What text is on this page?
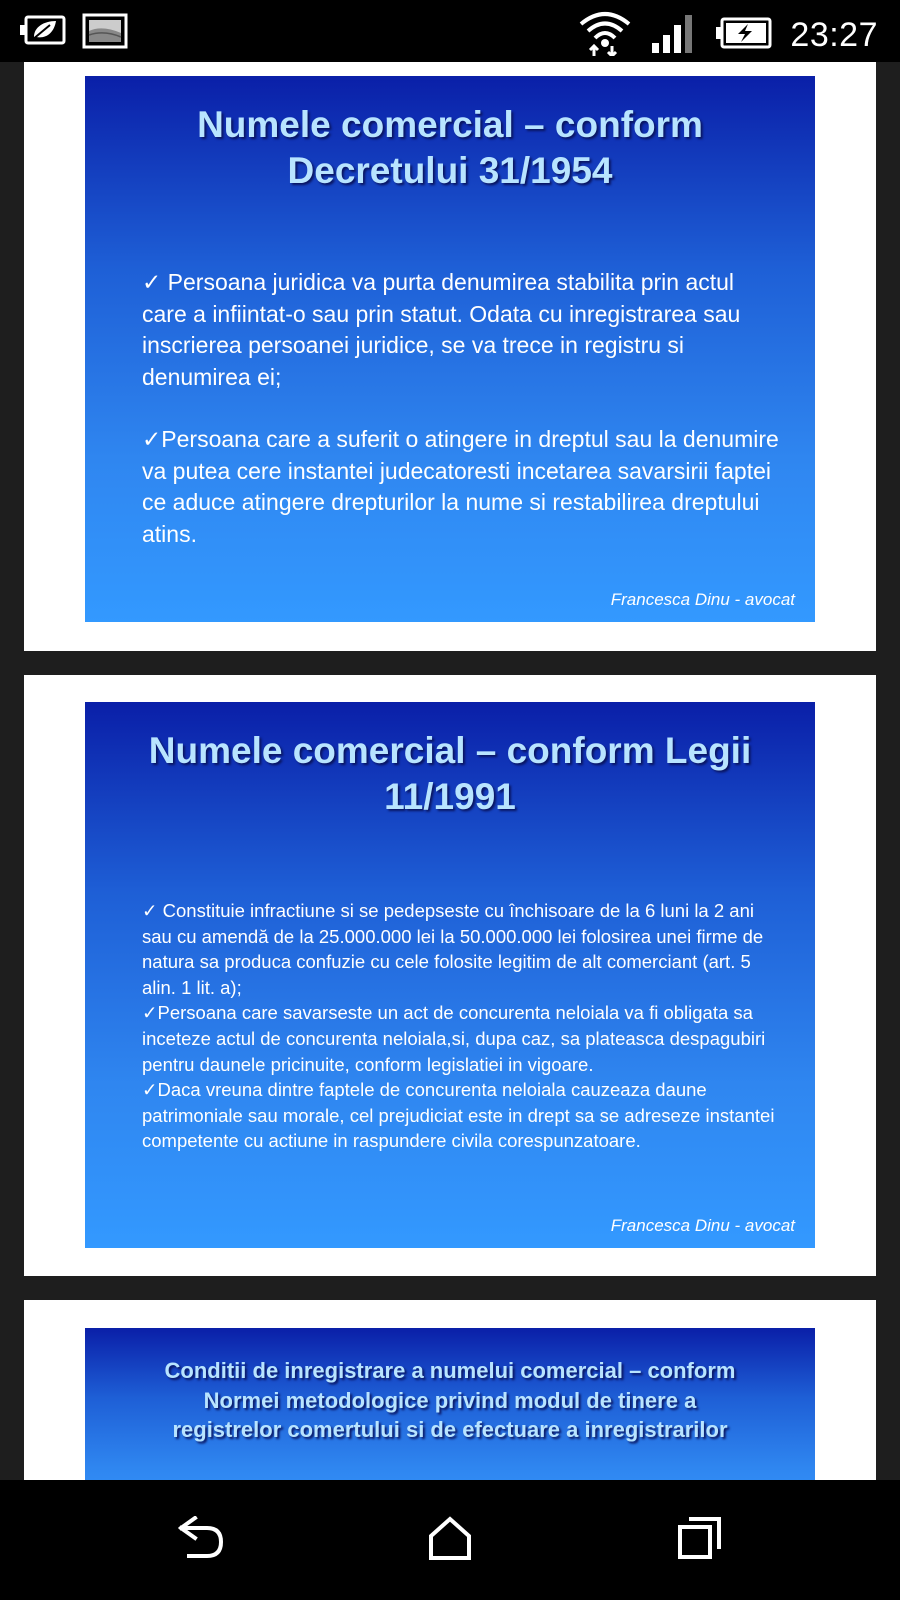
23:27
Numele comercial – conform
Decretului 31/1954

✓ Persoana juridica va purta denumirea stabilita prin actul care a infiintat-o sau prin statut. Odata cu inregistrarea sau inscrierea persoanei juridice, se va trece in registru si denumirea ei;

✓Persoana care a suferit o atingere in dreptul sau la denumire va putea cere instantei judecatoresti incetarea savarsirii faptei ce aduce atingere drepturilor la nume si restabilirea dreptului atins.

Francesca Dinu - avocat
Numele comercial – conform Legii
11/1991

✓ Constituie infractiune si se pedepseste cu închisoare de la 6 luni la 2 ani sau cu amendă de la 25.000.000 lei la 50.000.000 lei folosirea unei firme de natura sa produca confuzie cu cele folosite legitim de alt comerciant (art. 5 alin. 1 lit. a);

✓Persoana care savarseste un act de concurenta neloiala va fi obligata sa inceteze actul de concurenta neloiala,si, dupa caz, sa plateasca despagubiri pentru daunele pricinuite, conform legislatiei in vigoare.

✓Daca vreuna dintre faptele de concurenta neloiala cauzeaza daune patrimoniale sau morale, cel prejudiciat este in drept sa se adreseze instantei competente cu actiune in raspundere civila corespunzatoare.

Francesca Dinu - avocat
Conditii de inregistrare a numelui comercial – conform
Normei metodologice privind modul de tinere a
registrelor comertului si de efectuare a inregistrarilor
